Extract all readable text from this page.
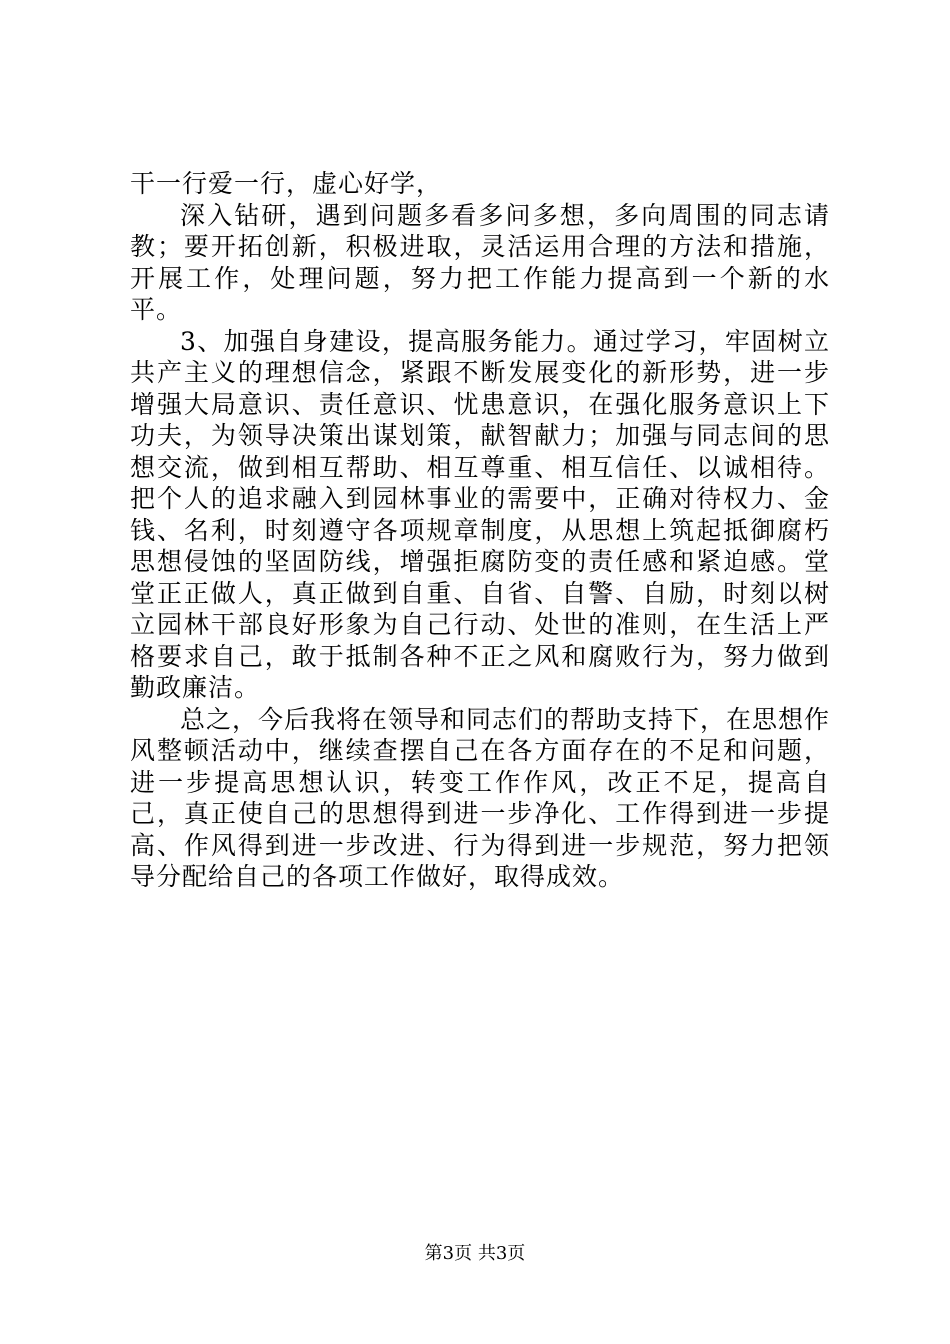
干一行爱一行，虚心好学，

深入钻研，遇到问题多看多问多想，多向周围的同志请教；要开拓创新，积极进取，灵活运用合理的方法和措施，开展工作，处理问题，努力把工作能力提高到一个新的水平。

3、加强自身建设，提高服务能力。通过学习，牢固树立共产主义的理想信念，紧跟不断发展变化的新形势，进一步增强大局意识、责任意识、忧患意识，在强化服务意识上下功夫，为领导决策出谋划策，献智献力；加强与同志间的思想交流，做到相互帮助、相互尊重、相互信任、以诚相待。把个人的追求融入到园林事业的需要中，正确对待权力、金钱、名利，时刻遵守各项规章制度，从思想上筑起抵御腐朽思想侵蚀的坚固防线，增强拒腐防变的责任感和紧迫感。堂堂正正做人，真正做到自重、自省、自警、自励，时刻以树立园林干部良好形象为自己行动、处世的准则，在生活上严格要求自己，敢于抵制各种不正之风和腐败行为，努力做到勤政廉洁。

总之，今后我将在领导和同志们的帮助支持下，在思想作风整顿活动中，继续查摆自己在各方面存在的不足和问题，进一步提高思想认识，转变工作作风，改正不足，提高自己，真正使自己的思想得到进一步净化、工作得到进一步提高、作风得到进一步改进、行为得到进一步规范，努力把领导分配给自己的各项工作做好，取得成效。

第3页 共3页
